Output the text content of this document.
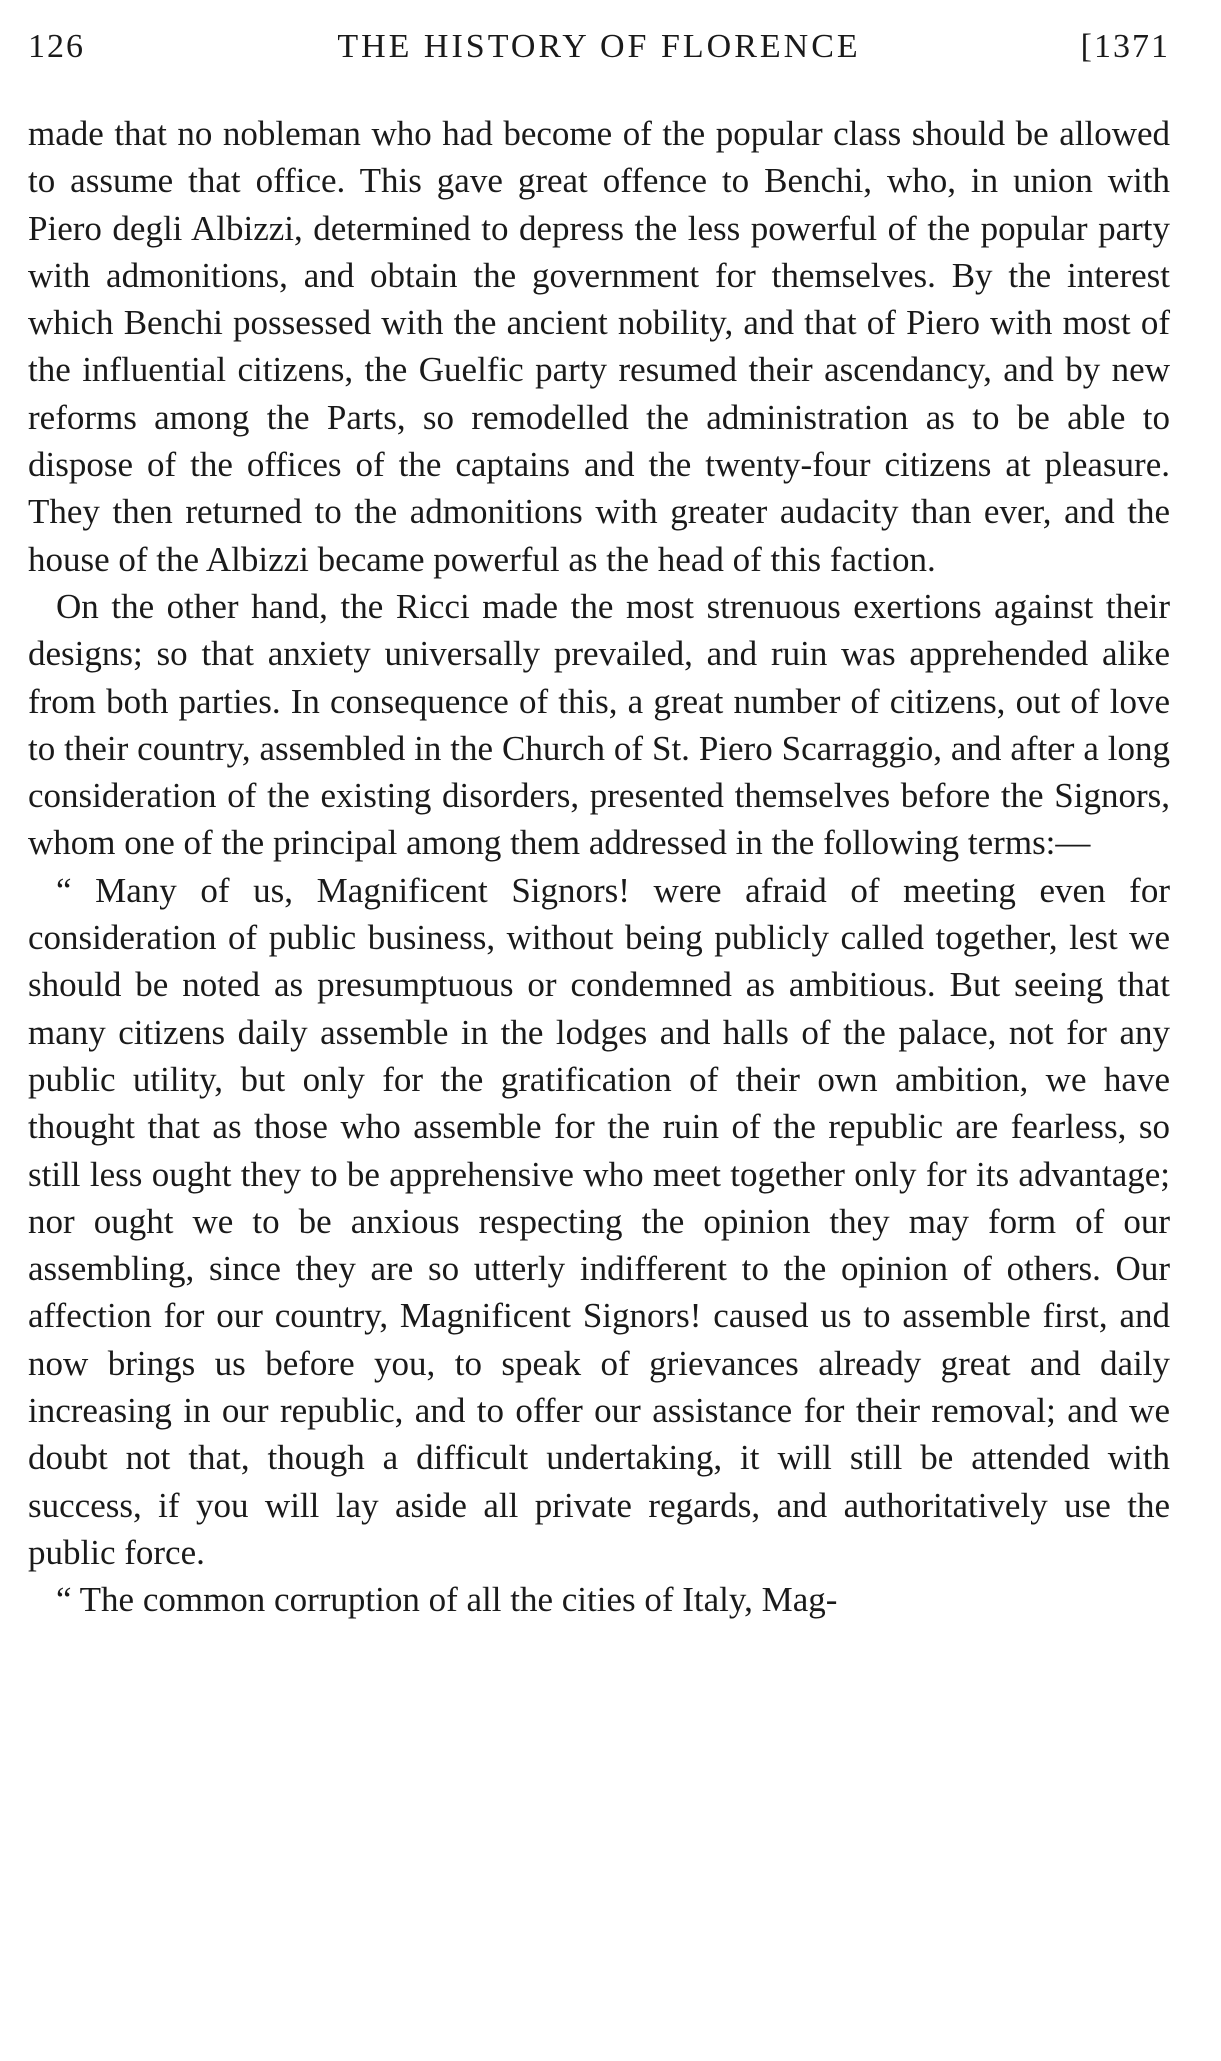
126	THE HISTORY OF FLORENCE	[1371

made that no nobleman who had become of the popular class should be allowed to assume that office. This gave great offence to Benchi, who, in union with Piero degli Albizzi, determined to depress the less powerful of the popular party with admonitions, and obtain the government for themselves. By the interest which Benchi possessed with the ancient nobility, and that of Piero with most of the influential citizens, the Guelfic party resumed their ascendancy, and by new reforms among the Parts, so remodelled the administration as to be able to dispose of the offices of the captains and the twenty-four citizens at pleasure. They then returned to the admonitions with greater audacity than ever, and the house of the Albizzi became powerful as the head of this faction.

On the other hand, the Ricci made the most strenuous exertions against their designs; so that anxiety universally prevailed, and ruin was apprehended alike from both parties. In consequence of this, a great number of citizens, out of love to their country, assembled in the Church of St. Piero Scarraggio, and after a long consideration of the existing disorders, presented themselves before the Signors, whom one of the principal among them addressed in the following terms:—

“ Many of us, Magnificent Signors! were afraid of meeting even for consideration of public business, without being publicly called together, lest we should be noted as presumptuous or condemned as ambitious. But seeing that many citizens daily assemble in the lodges and halls of the palace, not for any public utility, but only for the gratification of their own ambition, we have thought that as those who assemble for the ruin of the republic are fearless, so still less ought they to be apprehensive who meet together only for its advantage; nor ought we to be anxious respecting the opinion they may form of our assembling, since they are so utterly indifferent to the opinion of others. Our affection for our country, Magnificent Signors! caused us to assemble first, and now brings us before you, to speak of grievances already great and daily increasing in our republic, and to offer our assistance for their removal; and we doubt not that, though a difficult undertaking, it will still be attended with success, if you will lay aside all private regards, and authoritatively use the public force.

“ The common corruption of all the cities of Italy, Mag-
